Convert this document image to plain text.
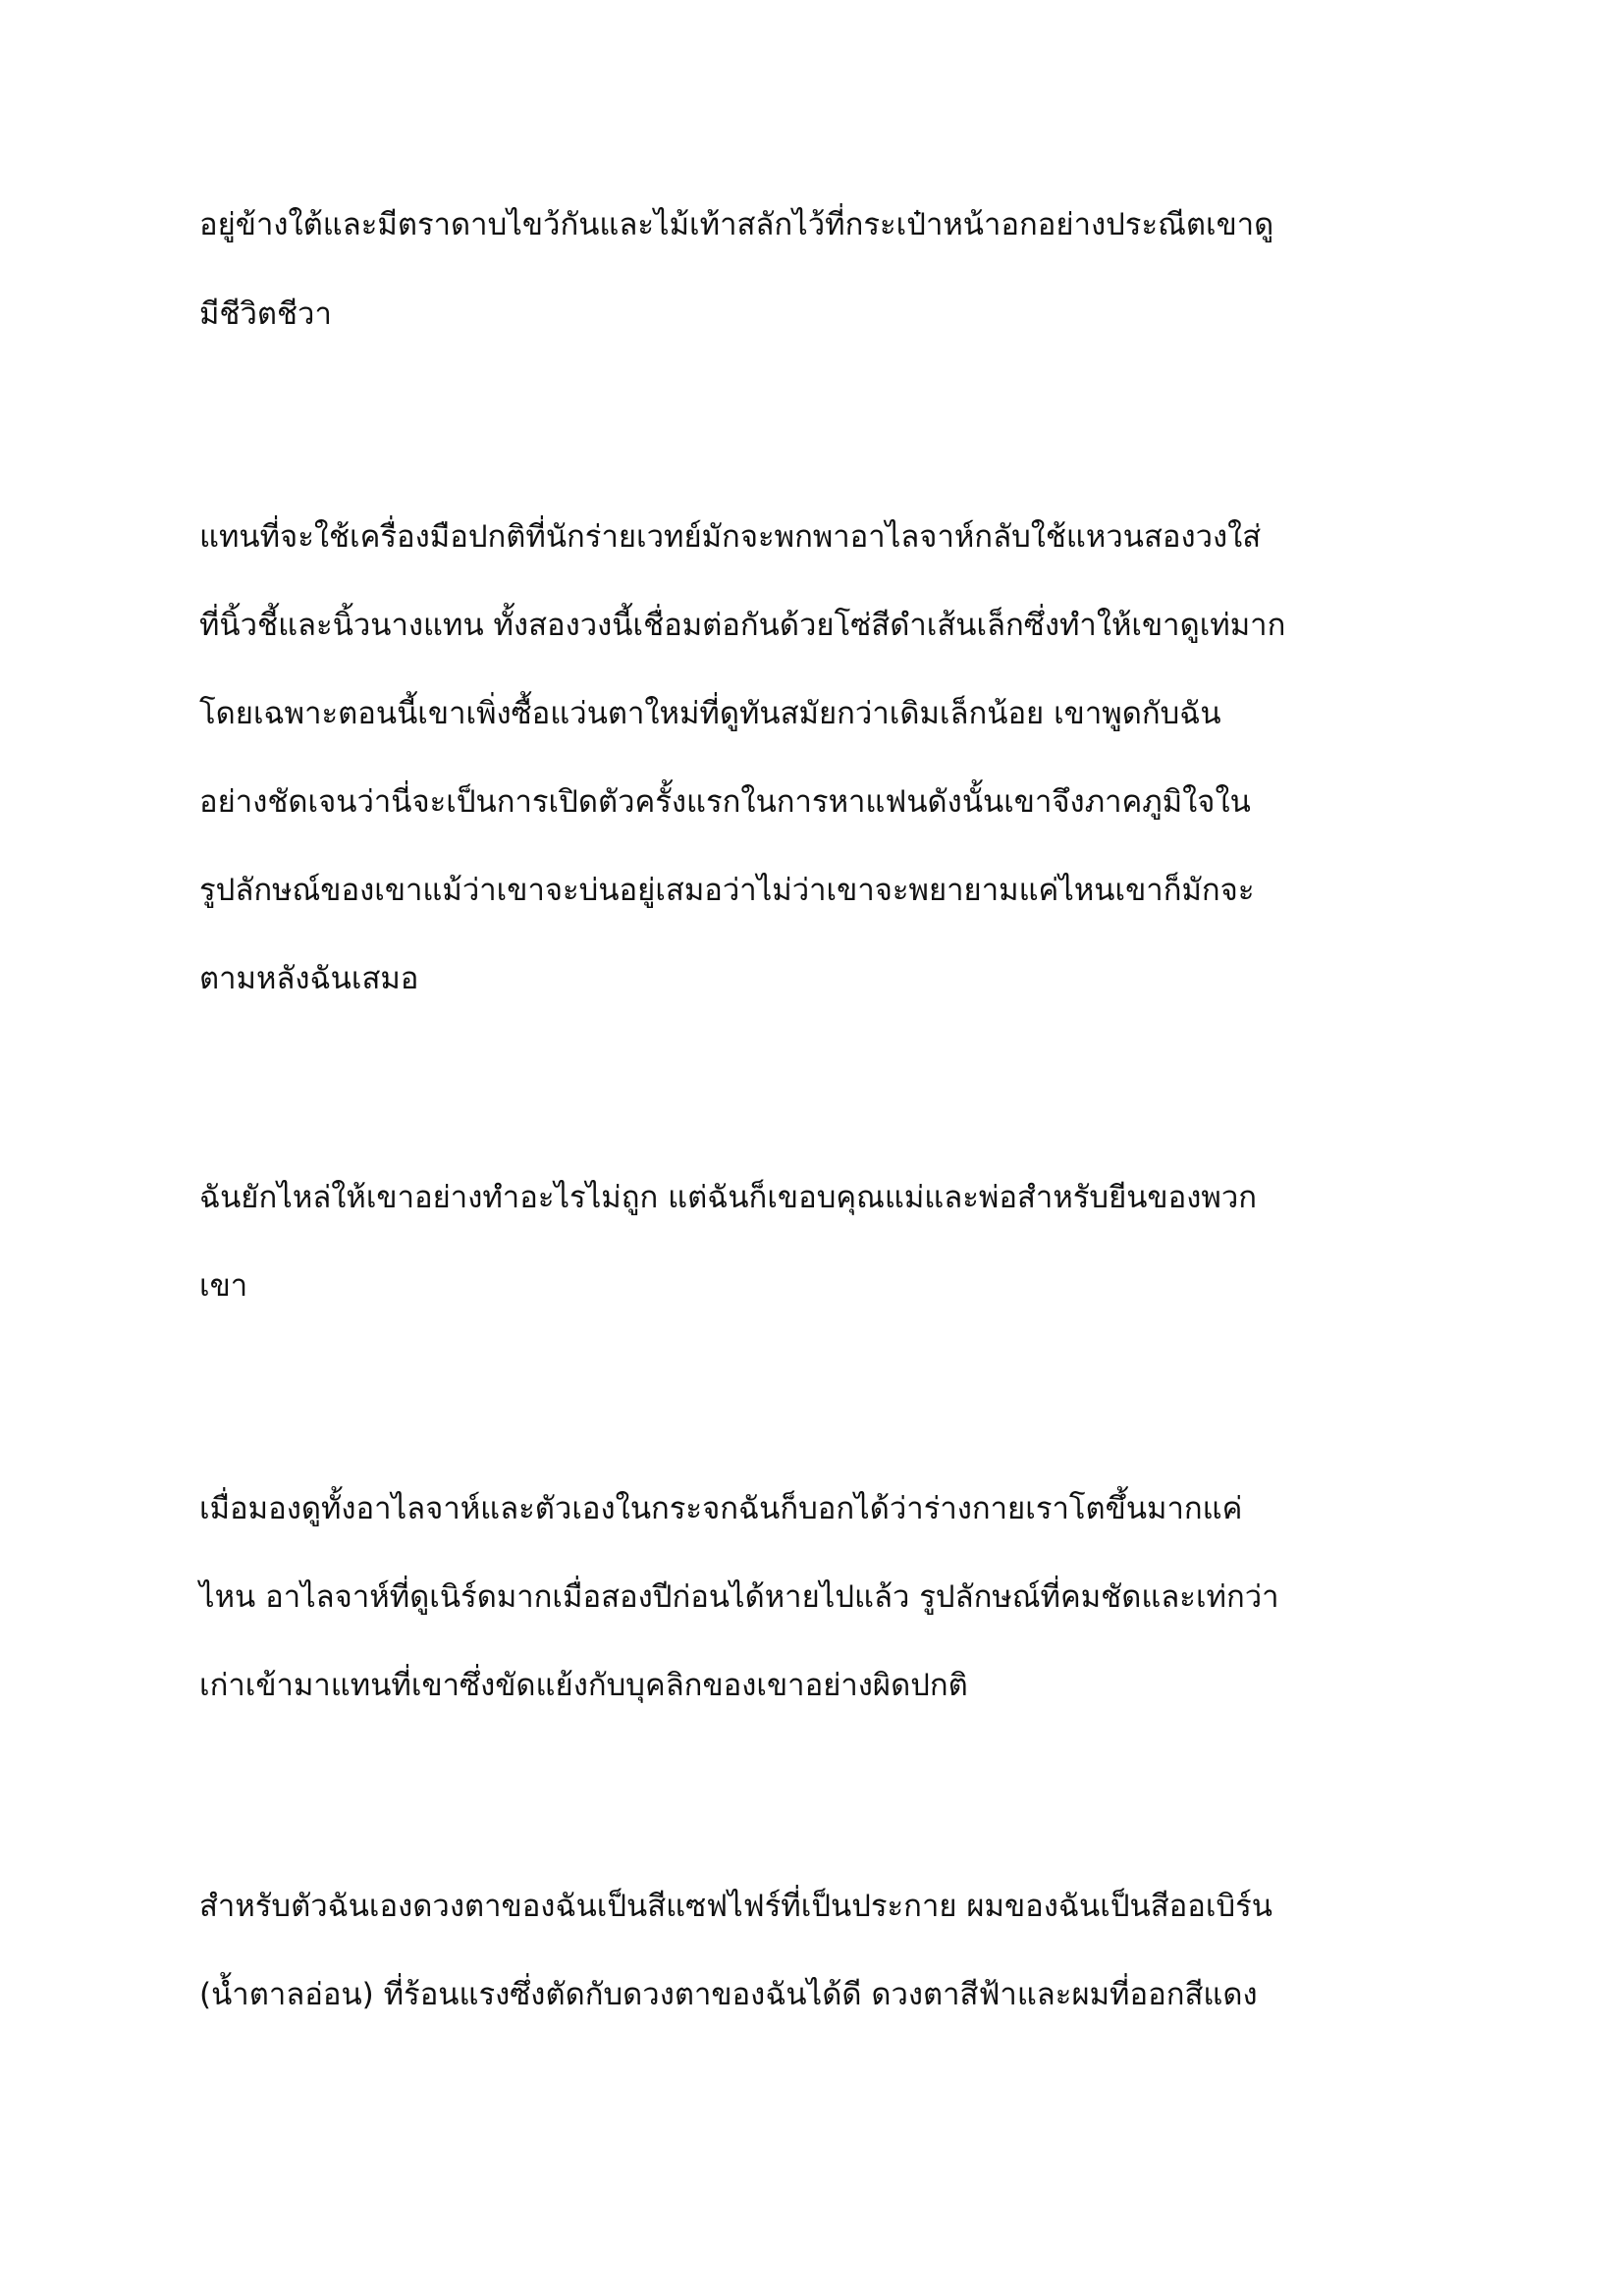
อยู่ข้างใต้และมีตราดาบไขว้กันและไม้เท้าสลักไว้ที่กระเป๋าหน้าอกอย่างประณีตเขาดู

มีชีวิตชีวา

แทนที่จะใช้เครื่องมือปกติที่นักร่ายเวทย์มักจะพกพาอาไลจาห์กลับใช้แหวนสองวงใส่

ที่นิ้วชี้และนิ้วนางแทน ทั้งสองวงนี้เชื่อมต่อกันด้วยโซ่สีดำเส้นเล็กซึ่งทำให้เขาดูเท่มาก

โดยเฉพาะตอนนี้เขาเพิ่งซื้อแว่นตาใหม่ที่ดูทันสมัยกว่าเดิมเล็กน้อย เขาพูดกับฉัน

อย่างชัดเจนว่านี่จะเป็นการเปิดตัวครั้งแรกในการหาแฟนดังนั้นเขาจึงภาคภูมิใจใน

รูปลักษณ์ของเขาแม้ว่าเขาจะบ่นอยู่เสมอว่าไม่ว่าเขาจะพยายามแค่ไหนเขาก็มักจะ

ตามหลังฉันเสมอ

ฉันยักไหล่ให้เขาอย่างทำอะไรไม่ถูก แต่ฉันก็เขอบคุณแม่และพ่อสำหรับยีนของพวก

เขา

เมื่อมองดูทั้งอาไลจาห์และตัวเองในกระจกฉันก็บอกได้ว่าร่างกายเราโตขึ้นมากแค่

ไหน อาไลจาห์ที่ดูเนิร์ดมากเมื่อสองปีก่อนได้หายไปแล้ว รูปลักษณ์ที่คมชัดและเท่กว่า

เก่าเข้ามาแทนที่เขาซึ่งขัดแย้งกับบุคลิกของเขาอย่างผิดปกติ

สำหรับตัวฉันเองดวงตาของฉันเป็นสีแซฟไฟร์ที่เป็นประกาย ผมของฉันเป็นสีออเบิร์น

(น้ำตาลอ่อน) ที่ร้อนแรงซึ่งตัดกับดวงตาของฉันได้ดี ดวงตาสีฟ้าและผมที่ออกสีแดง
